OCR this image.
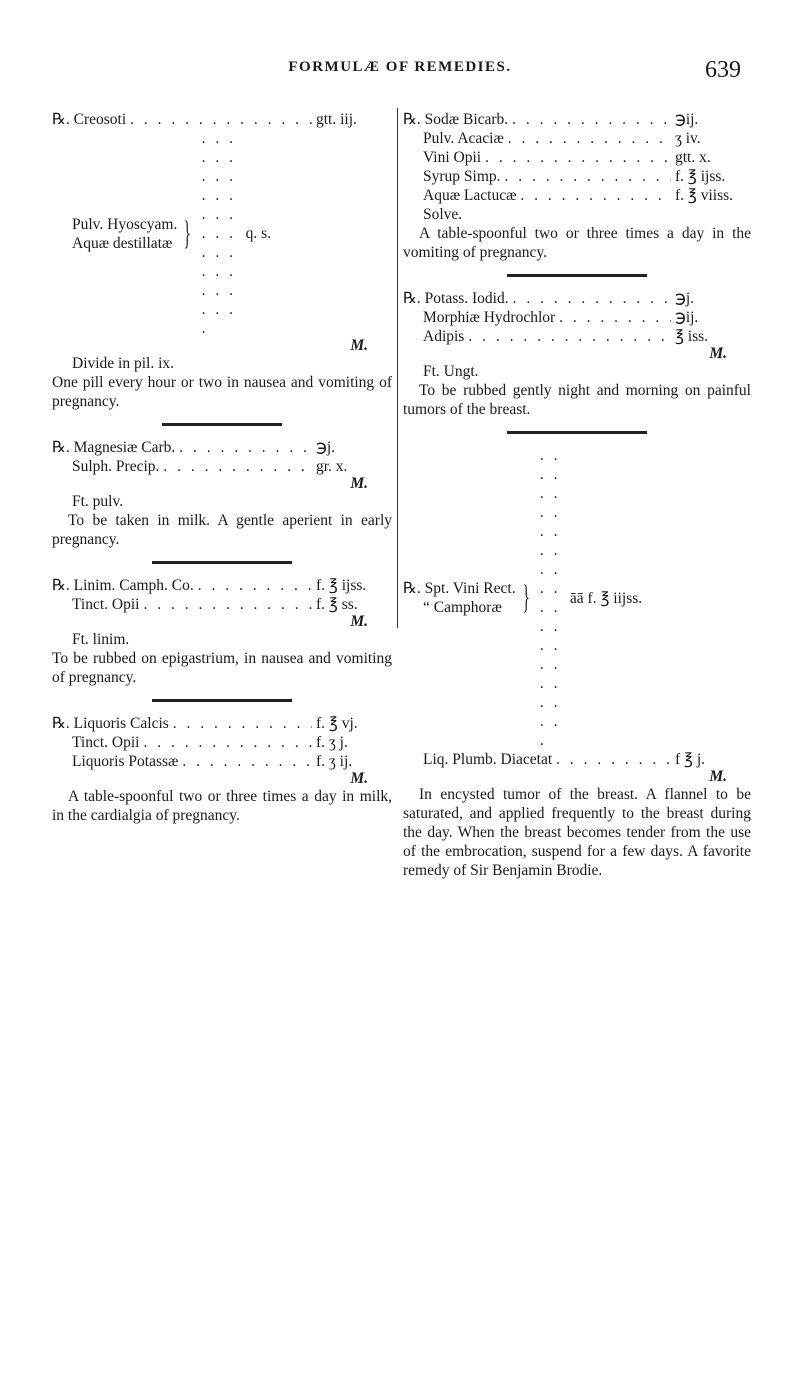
FORMULÆ OF REMEDIES.	639
℞. Creosoti . . .	gtt. iij.
Pulv. Hyoscyam.
Aquæ destillatæ } . . .	q. s.
M.
Divide in pil. ix.

One pill every hour or two in nausea and vomiting of pregnancy.

℞. Magnesiæ Carb. . . .	℈j.
Sulph. Precip. . . .	gr. x.
M.
Ft. pulv.

To be taken in milk. A gentle aperient in early pregnancy.

℞. Linim. Camph. Co. . . .	f. ℥ ijss.
Tinct. Opii . . .	f. ℥ ss.
M.
Ft. linim.

To be rubbed on epigastrium, in nausea and vomiting of pregnancy.

℞. Liquoris Calcis . . .	f. ℥ vj.
Tinct. Opii . . .	f. ʒ j.
Liquoris Potassæ . . .	f. ʒ ij.
M.

A table-spoonful two or three times a day in milk, in the cardialgia of pregnancy.

℞. Sodæ Bicarb. . . .	℈ij.
Pulv. Acaciæ . . .	ʒ iv.
Vini Opii . . .	gtt. x.
Syrup Simp. . . .	f. ℥ ijss.
Aquæ Lactucæ . . .	f. ℥ viiss.
Solve.

A table-spoonful two or three times a day in the vomiting of pregnancy.

℞. Potass. Iodid. . . .	℈j.
Morphiæ Hydrochlor . . .	℈ij.
Adipis . . .	℥ iss.
M.
Ft. Ungt.

To be rubbed gently night and morning on painful tumors of the breast.

℞. Spt. Vini Rect.
“ Camphoræ } . . .	āā f. ℥ iijss.
Liq. Plumb. Diacetat . . .	f ℥ j.
M.

In encysted tumor of the breast. A flannel to be saturated, and applied frequently to the breast during the day. When the breast becomes tender from the use of the embrocation, suspend for a few days. A favorite remedy of Sir Benjamin Brodie.
